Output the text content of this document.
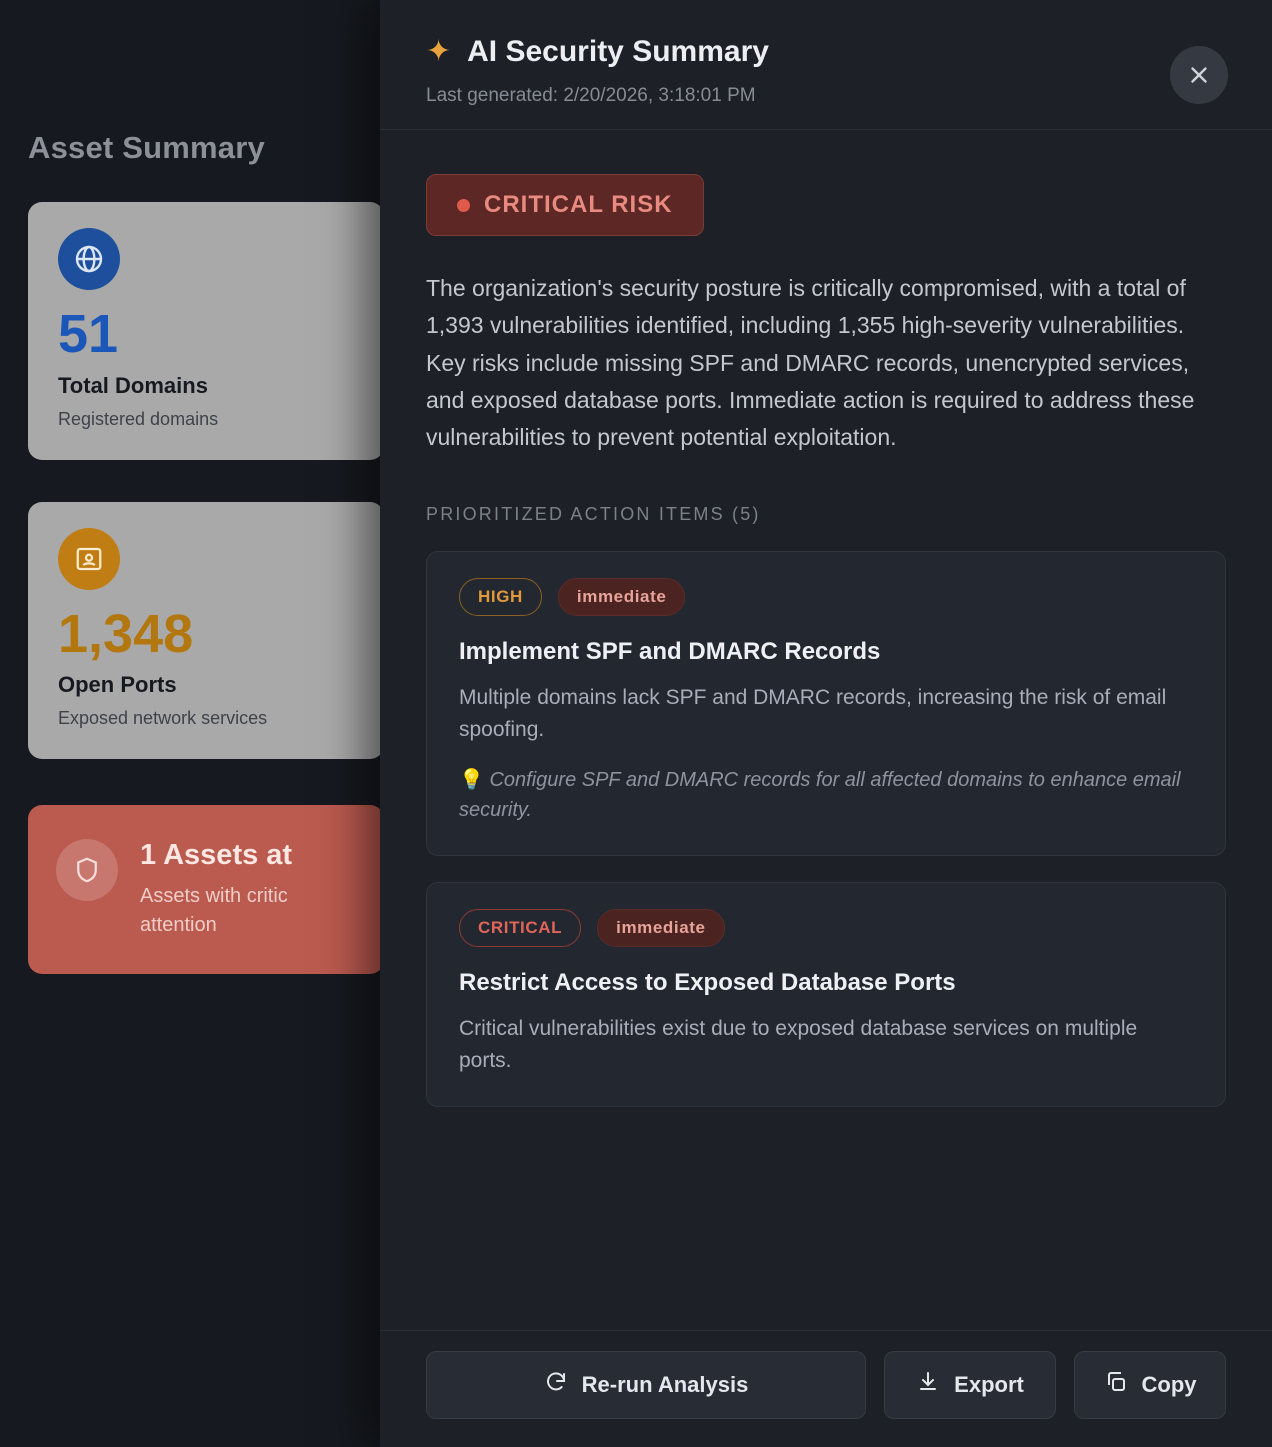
Asset Summary
51
Total Domains
Registered domains
1,348
Open Ports
Exposed network services
1 Assets at
Assets with critic attention
✦ AI Security Summary
Last generated: 2/20/2026, 3:18:01 PM
CRITICAL RISK

The organization's security posture is critically compromised, with a total of 1,393 vulnerabilities identified, including 1,355 high-severity vulnerabilities. Key risks include missing SPF and DMARC records, unencrypted services, and exposed database ports. Immediate action is required to address these vulnerabilities to prevent potential exploitation.

PRIORITIZED ACTION ITEMS (5)
HIGH	immediate
Implement SPF and DMARC Records
Multiple domains lack SPF and DMARC records, increasing the risk of email spoofing.
💡 Configure SPF and DMARC records for all affected domains to enhance email security.
CRITICAL	immediate
Restrict Access to Exposed Database Ports
Critical vulnerabilities exist due to exposed database services on multiple ports.
Re-run Analysis	Export	Copy
